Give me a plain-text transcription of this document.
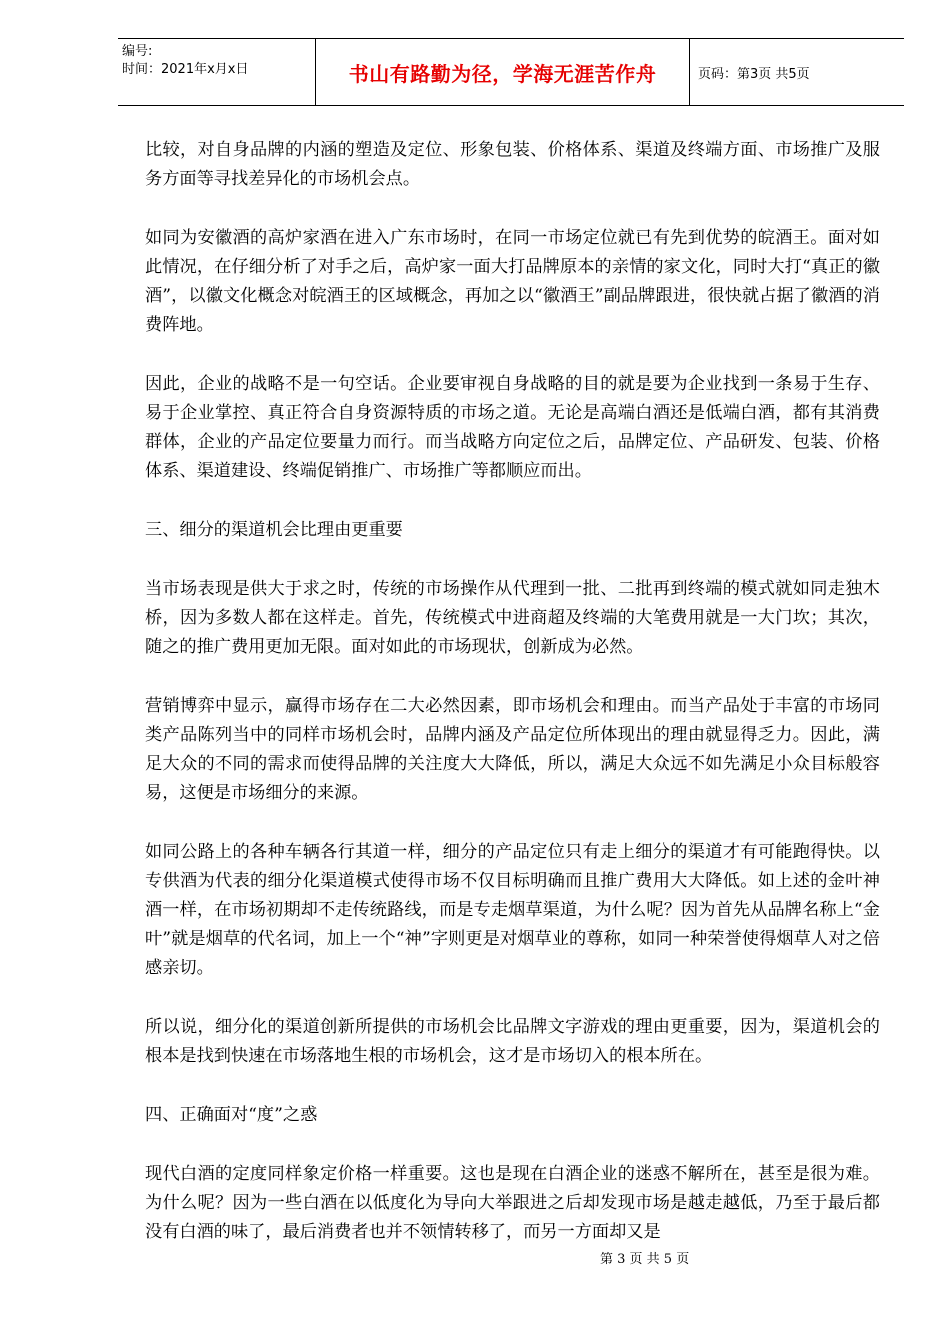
编号:
时间：2021年x月x日	书山有路勤为径，学海无涯苦作舟	页码：第3页 共5页

比较，对自身品牌的内涵的塑造及定位、形象包装、价格体系、渠道及终端方面、市场推广及服务方面等寻找差异化的市场机会点。

如同为安徽酒的高炉家酒在进入广东市场时，在同一市场定位就已有先到优势的皖酒王。面对如此情况，在仔细分析了对手之后，高炉家一面大打品牌原本的亲情的家文化，同时大打“真正的徽酒”，以徽文化概念对皖酒王的区域概念，再加之以“徽酒王”副品牌跟进，很快就占据了徽酒的消费阵地。

因此，企业的战略不是一句空话。企业要审视自身战略的目的就是要为企业找到一条易于生存、易于企业掌控、真正符合自身资源特质的市场之道。无论是高端白酒还是低端白酒，都有其消费群体，企业的产品定位要量力而行。而当战略方向定位之后，品牌定位、产品研发、包装、价格体系、渠道建设、终端促销推广、市场推广等都顺应而出。

三、细分的渠道机会比理由更重要

当市场表现是供大于求之时，传统的市场操作从代理到一批、二批再到终端的模式就如同走独木桥，因为多数人都在这样走。首先，传统模式中进商超及终端的大笔费用就是一大门坎；其次，随之的推广费用更加无限。面对如此的市场现状，创新成为必然。

营销博弈中显示，赢得市场存在二大必然因素，即市场机会和理由。而当产品处于丰富的市场同类产品陈列当中的同样市场机会时，品牌内涵及产品定位所体现出的理由就显得乏力。因此，满足大众的不同的需求而使得品牌的关注度大大降低，所以，满足大众远不如先满足小众目标般容易，这便是市场细分的来源。

如同公路上的各种车辆各行其道一样，细分的产品定位只有走上细分的渠道才有可能跑得快。以专供酒为代表的细分化渠道模式使得市场不仅目标明确而且推广费用大大降低。如上述的金叶神酒一样，在市场初期却不走传统路线，而是专走烟草渠道，为什么呢？因为首先从品牌名称上“金叶”就是烟草的代名词，加上一个“神”字则更是对烟草业的尊称，如同一种荣誉使得烟草人对之倍感亲切。

所以说，细分化的渠道创新所提供的市场机会比品牌文字游戏的理由更重要，因为，渠道机会的根本是找到快速在市场落地生根的市场机会，这才是市场切入的根本所在。

四、正确面对“度”之惑

现代白酒的定度同样象定价格一样重要。这也是现在白酒企业的迷惑不解所在，甚至是很为难。为什么呢？因为一些白酒在以低度化为导向大举跟进之后却发现市场是越走越低，乃至于最后都没有白酒的味了，最后消费者也并不领情转移了，而另一方面却又是

第 3 页 共 5 页
